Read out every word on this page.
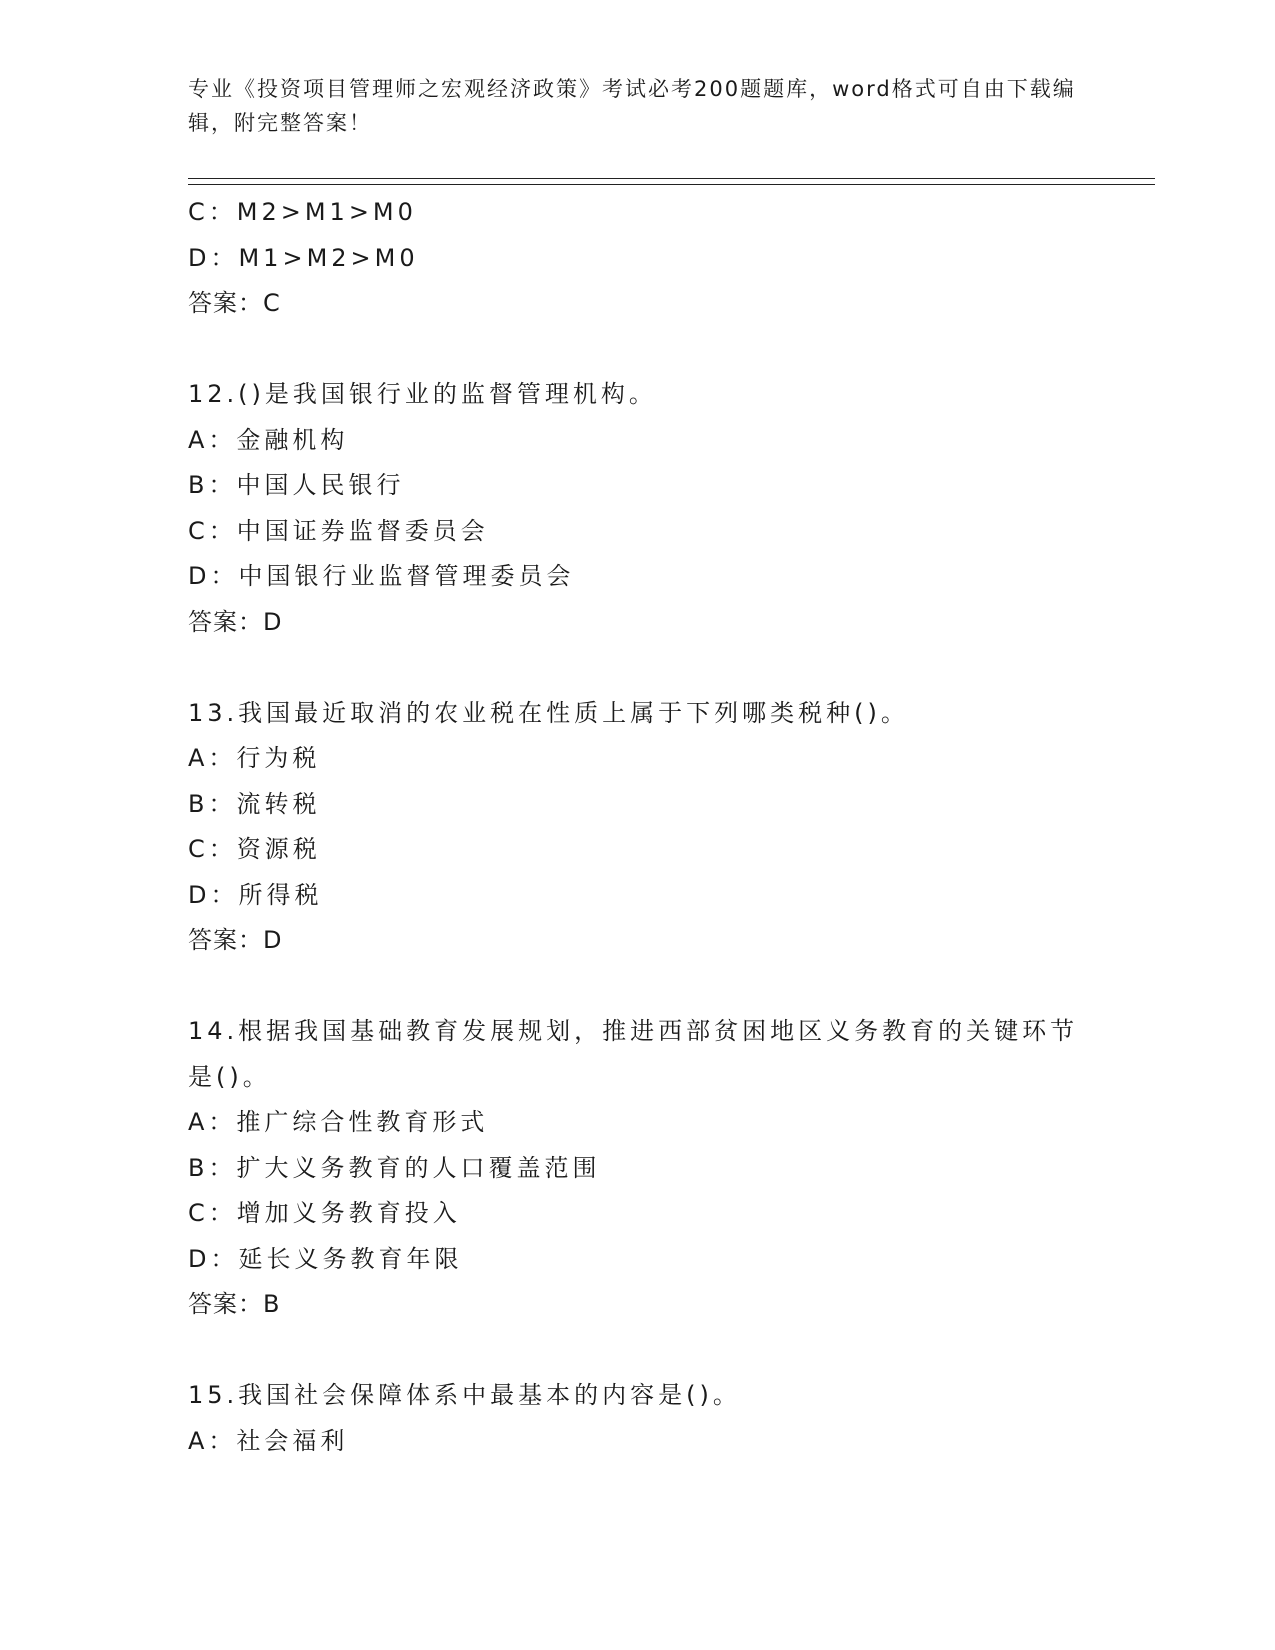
专业《投资项目管理师之宏观经济政策》考试必考200题题库，word格式可自由下载编辑，附完整答案！
C：M2>M1>M0
D：M1>M2>M0
答案：C
12.()是我国银行业的监督管理机构。
A：金融机构
B：中国人民银行
C：中国证券监督委员会
D：中国银行业监督管理委员会
答案：D
13.我国最近取消的农业税在性质上属于下列哪类税种()。
A：行为税
B：流转税
C：资源税
D：所得税
答案：D
14.根据我国基础教育发展规划，推进西部贫困地区义务教育的关键环节是()。
A：推广综合性教育形式
B：扩大义务教育的人口覆盖范围
C：增加义务教育投入
D：延长义务教育年限
答案：B
15.我国社会保障体系中最基本的内容是()。
A：社会福利
